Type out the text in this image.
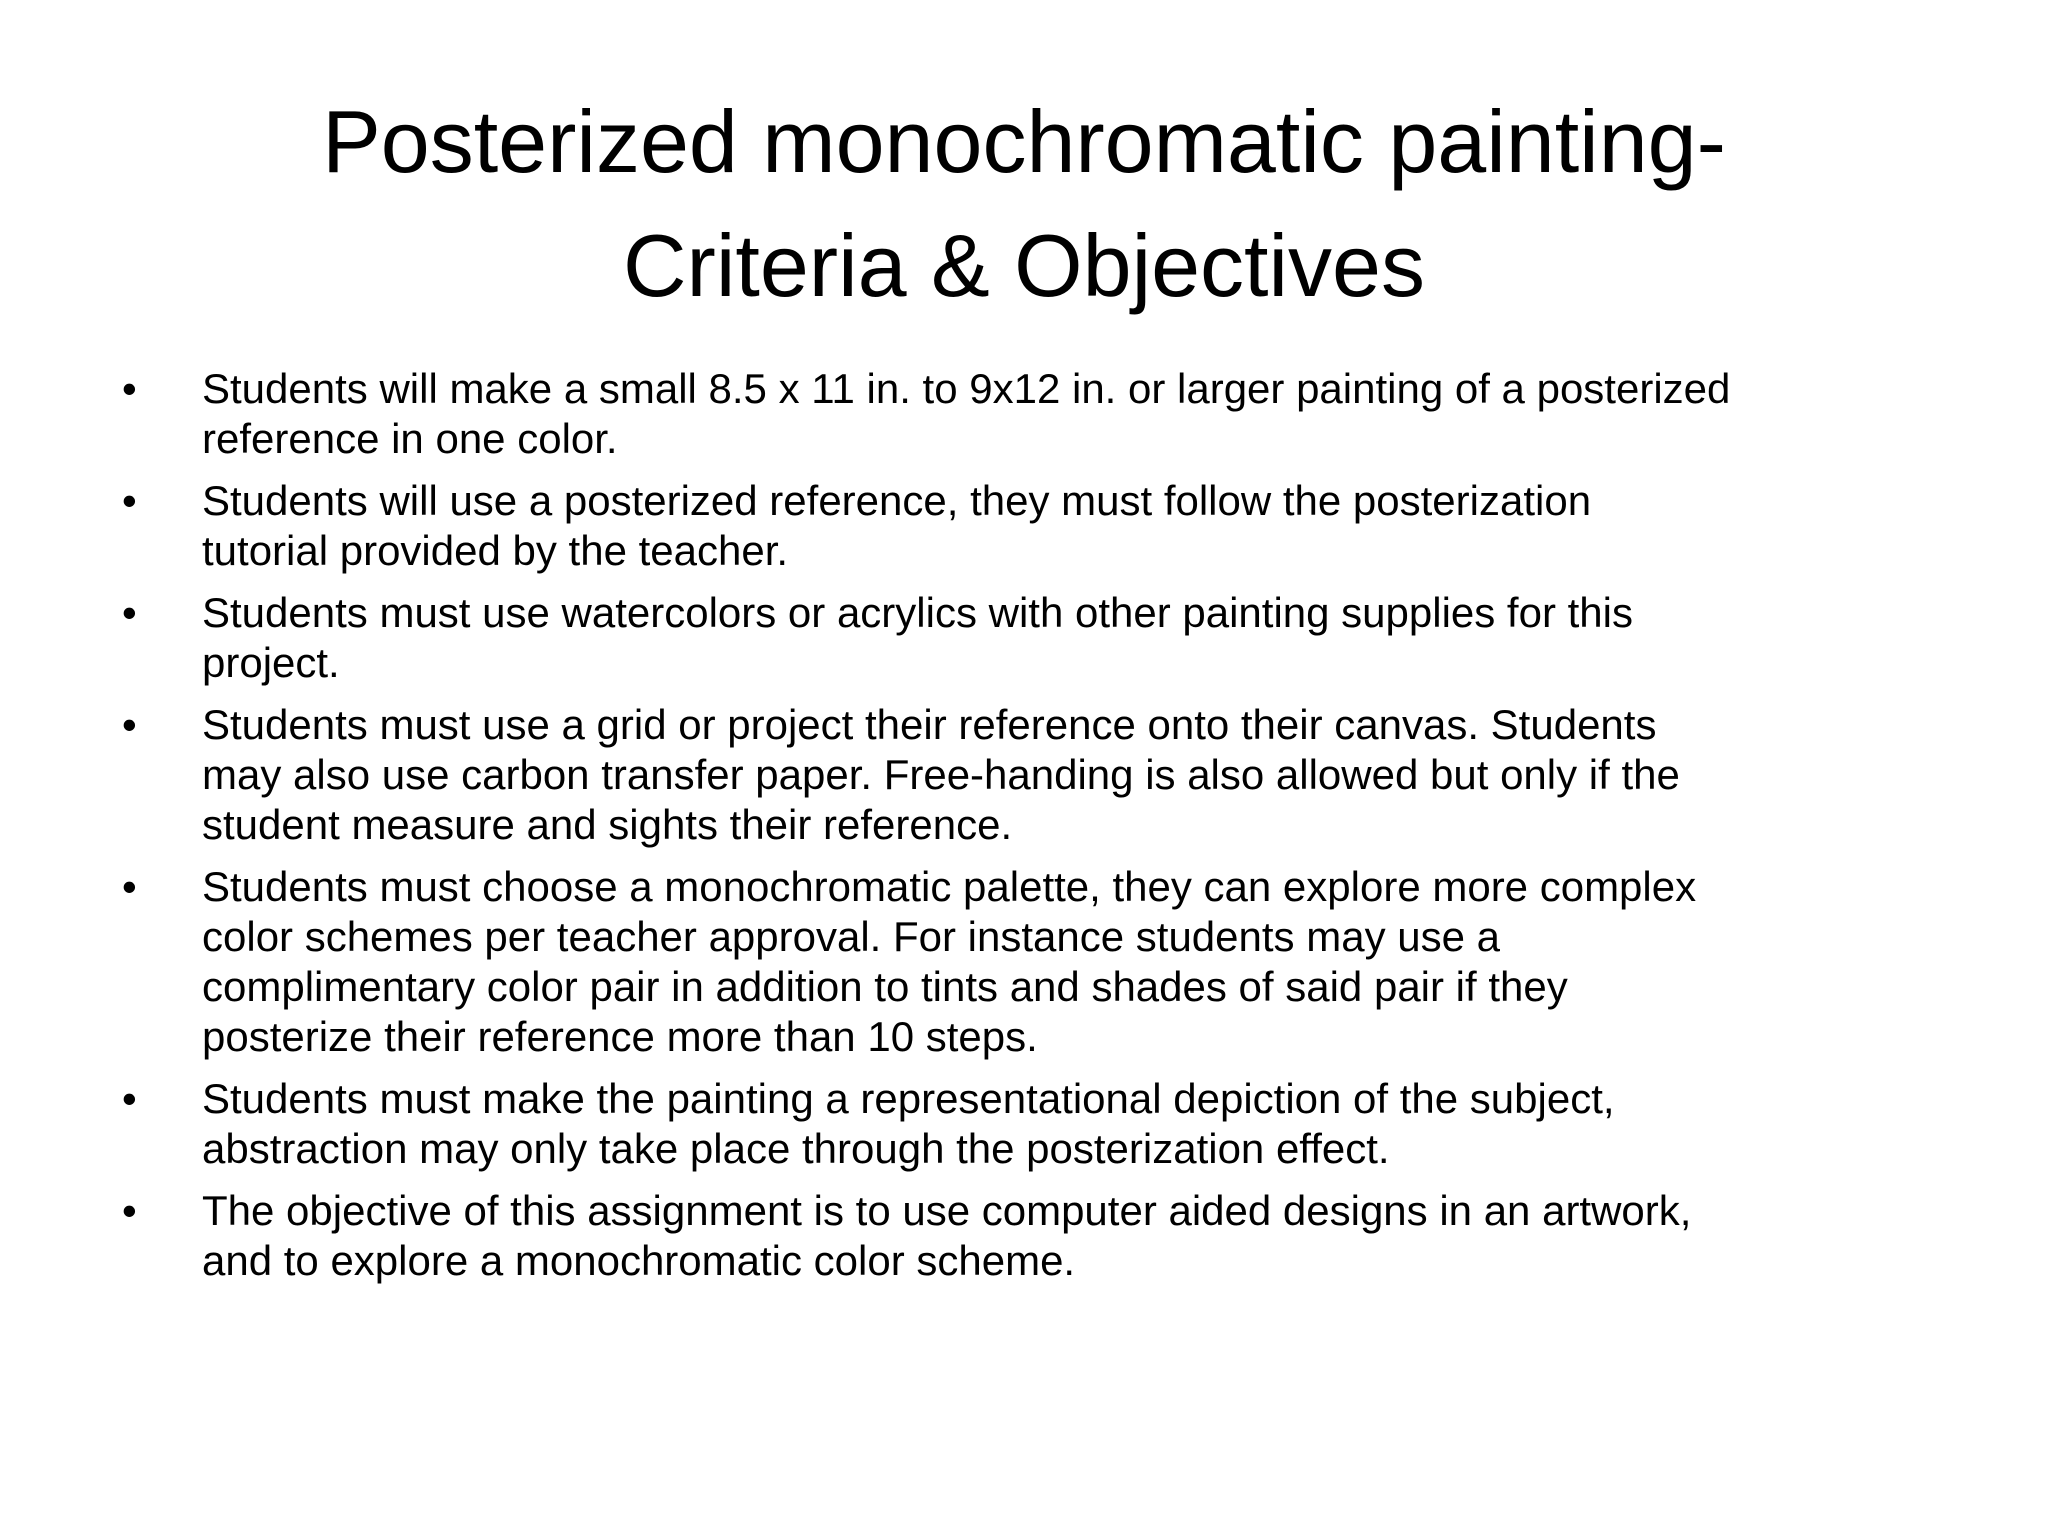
Posterized monochromatic painting-
Criteria & Objectives
•	Students will make a small 8.5 x 11 in. to 9x12 in. or larger painting of a posterized
reference in one color.
•	Students will use a posterized reference, they must follow the posterization
tutorial provided by the teacher.
•	Students must use watercolors or acrylics with other painting supplies for this
project.
•	Students must use a grid or project their reference onto their canvas. Students
may also use carbon transfer paper. Free-handing is also allowed but only if the
student measure and sights their reference.
•	Students must choose a monochromatic palette, they can explore more complex
color schemes per teacher approval. For instance students may use a
complimentary color pair in addition to tints and shades of said pair if they
posterize their reference more than 10 steps.
•	Students must make the painting a representational depiction of the subject,
abstraction may only take place through the posterization effect.
•	The objective of this assignment is to use computer aided designs in an artwork,
and to explore a monochromatic color scheme.
